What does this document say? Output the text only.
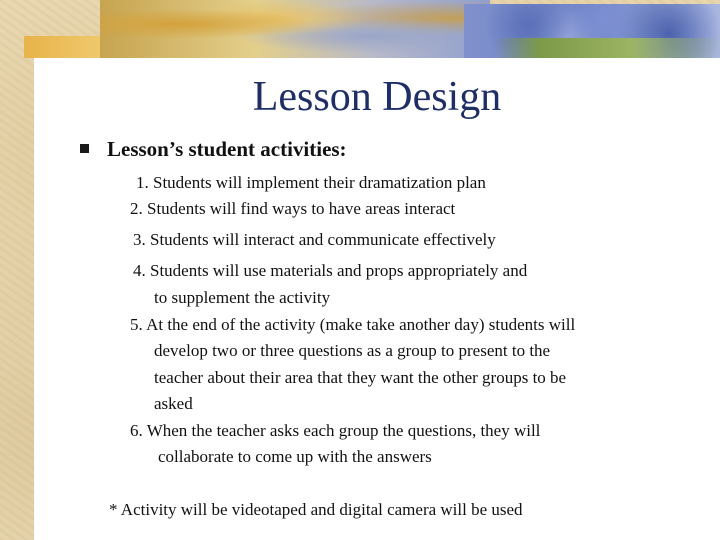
Lesson Design
Lesson’s student activities:
1. Students will implement their dramatization plan
2. Students will find ways to have areas interact
3. Students will interact and communicate effectively
4. Students will use materials and props appropriately and
to supplement the activity
5. At the end of the activity (make take another day) students will
develop two or three questions as a group to present to the
teacher about their area that they want the other groups to be
asked
6. When the teacher asks each group the questions, they will
collaborate to come up with the answers
* Activity will be videotaped and digital camera will be used
